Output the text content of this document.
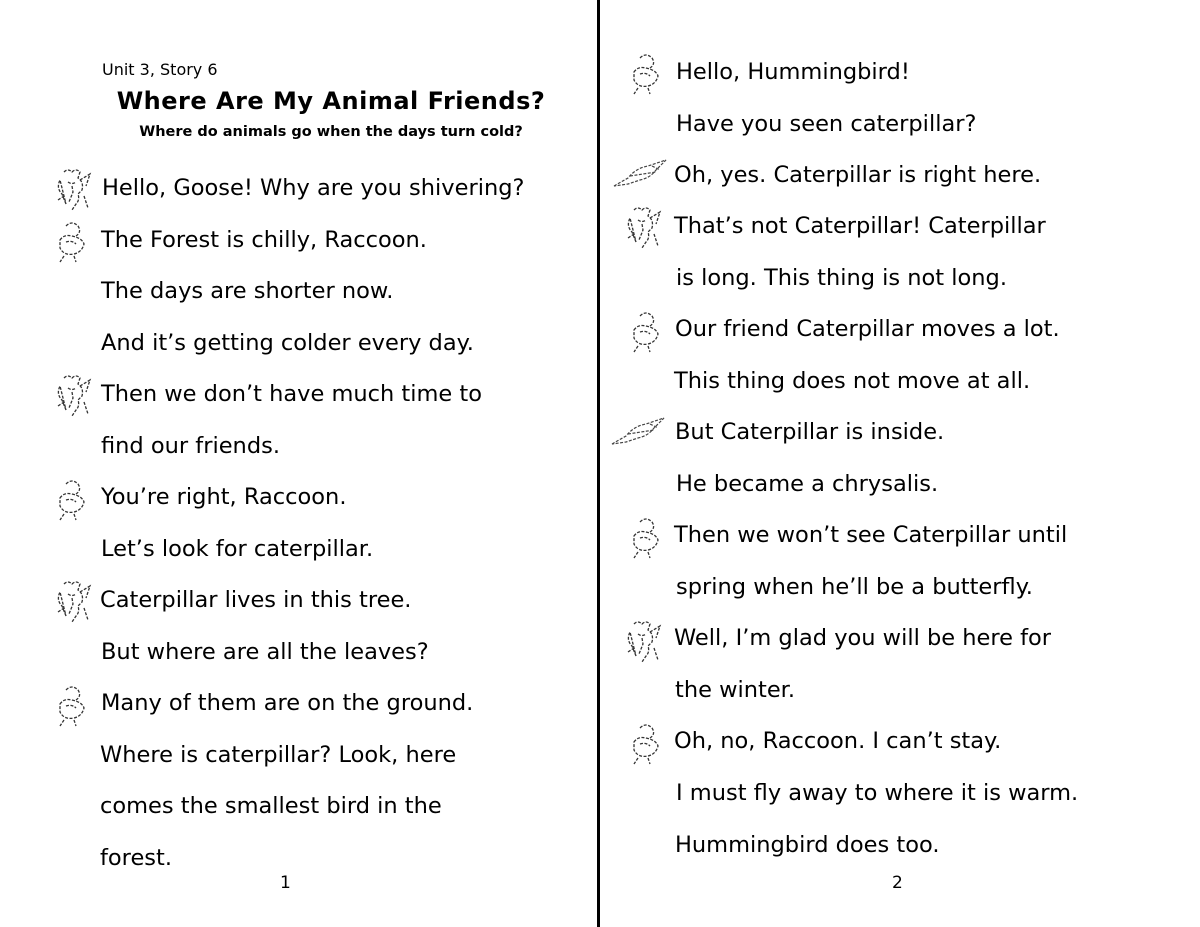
Unit 3, Story 6
Where Are My Animal Friends?
Where do animals go when the days turn cold?
Hello, Goose! Why are you shivering?
The Forest is chilly, Raccoon.
The days are shorter now.
And it’s getting colder every day.
Then we don’t have much time to
find our friends.
You’re right, Raccoon.
Let’s look for caterpillar.
Caterpillar lives in this tree.
But where are all the leaves?
Many of them are on the ground.
Where is caterpillar? Look, here
comes the smallest bird in the
forest.
1
Hello, Hummingbird!
Have you seen caterpillar?
Oh, yes. Caterpillar is right here.
That’s not Caterpillar! Caterpillar
is long. This thing is not long.
Our friend Caterpillar moves a lot.
This thing does not move at all.
But Caterpillar is inside.
He became a chrysalis.
Then we won’t see Caterpillar until
spring when he’ll be a butterfly.
Well, I’m glad you will be here for
the winter.
Oh, no, Raccoon. I can’t stay.
I must fly away to where it is warm.
Hummingbird does too.
2
